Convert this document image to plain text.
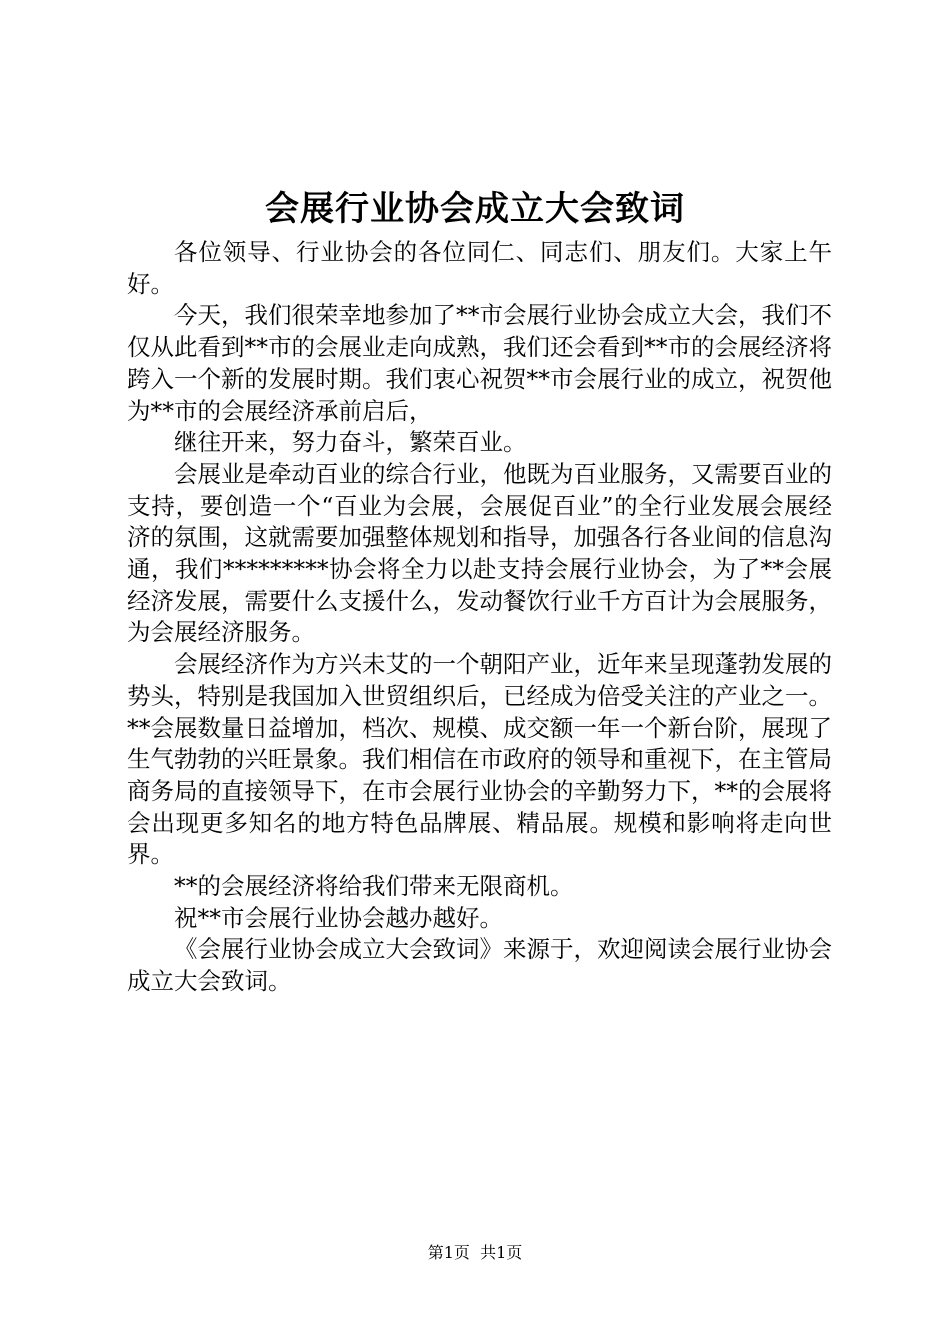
会展行业协会成立大会致词

各位领导、行业协会的各位同仁、同志们、朋友们。大家上午好。

今天，我们很荣幸地参加了**市会展行业协会成立大会，我们不仅从此看到**市的会展业走向成熟，我们还会看到**市的会展经济将跨入一个新的发展时期。我们衷心祝贺**市会展行业的成立，祝贺他为**市的会展经济承前启后，

继往开来，努力奋斗，繁荣百业。

会展业是牵动百业的综合行业，他既为百业服务，又需要百业的支持，要创造一个“百业为会展，会展促百业”的全行业发展会展经济的氛围，这就需要加强整体规划和指导，加强各行各业间的信息沟通，我们*********协会将全力以赴支持会展行业协会，为了**会展经济发展，需要什么支援什么，发动餐饮行业千方百计为会展服务，为会展经济服务。

会展经济作为方兴未艾的一个朝阳产业，近年来呈现蓬勃发展的势头，特别是我国加入世贸组织后，已经成为倍受关注的产业之一。**会展数量日益增加，档次、规模、成交额一年一个新台阶，展现了生气勃勃的兴旺景象。我们相信在市政府的领导和重视下，在主管局商务局的直接领导下，在市会展行业协会的辛勤努力下，**的会展将会出现更多知名的地方特色品牌展、精品展。规模和影响将走向世界。

**的会展经济将给我们带来无限商机。

祝**市会展行业协会越办越好。

《会展行业协会成立大会致词》来源于，欢迎阅读会展行业协会成立大会致词。

第1页 共1页
